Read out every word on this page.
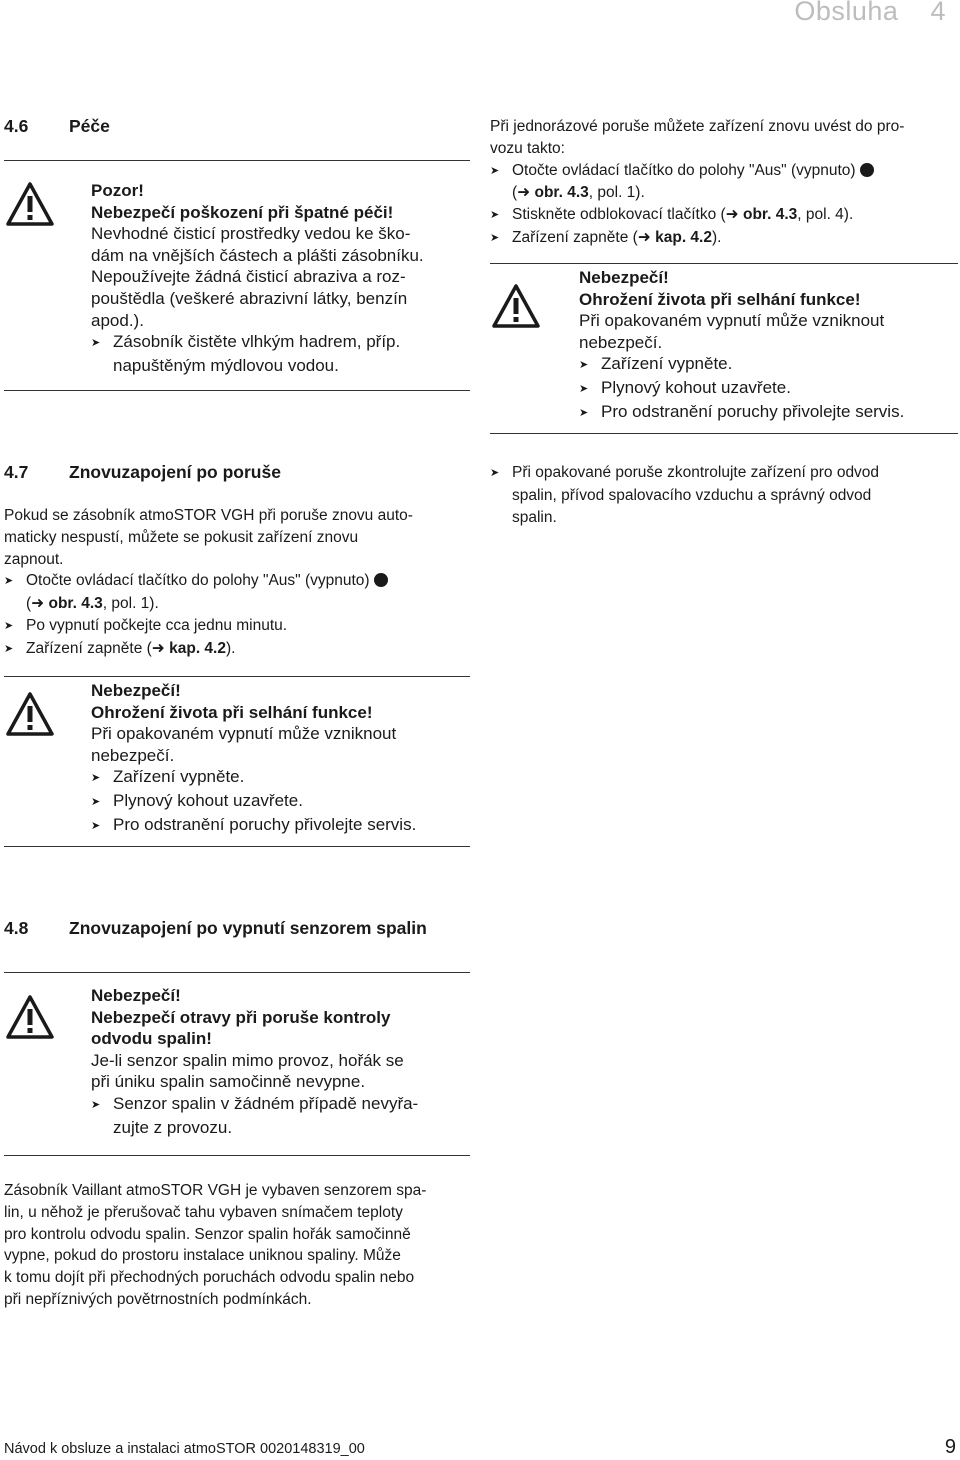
Obsluha 4
4.6 Péče
Pozor!
Nebezpečí poškození při špatné péči!
Nevhodné čisticí prostředky vedou ke ško-
dám na vnějších částech a plášti zásobníku.
Nepoužívejte žádná čisticí abraziva a roz-
pouštědla (veškeré abrazivní látky, benzín
apod.).
➤ Zásobník čistěte vlhkým hadrem, příp.
napuštěným mýdlovou vodou.
Při jednorázové poruše můžete zařízení znovu uvést do pro-
vozu takto:
➤ Otočte ovládací tlačítko do polohy "Aus" (vypnuto)
(➜ obr. 4.3, pol. 1).
➤ Stiskněte odblokovací tlačítko (➜ obr. 4.3, pol. 4).
➤ Zařízení zapněte (➜ kap. 4.2).
Nebezpečí!
Ohrožení života při selhání funkce!
Při opakovaném vypnutí může vzniknout
nebezpečí.
➤ Zařízení vypněte.
➤ Plynový kohout uzavřete.
➤ Pro odstranění poruchy přivolejte servis.
4.7 Znovuzapojení po poruše
Pokud se zásobník atmoSTOR VGH při poruše znovu auto-
maticky nespustí, můžete se pokusit zařízení znovu
zapnout.
➤ Otočte ovládací tlačítko do polohy "Aus" (vypnuto)
(➜ obr. 4.3, pol. 1).
➤ Po vypnutí počkejte cca jednu minutu.
➤ Zařízení zapněte (➜ kap. 4.2).
➤ Při opakované poruše zkontrolujte zařízení pro odvod
spalin, přívod spalovacího vzduchu a správný odvod
spalin.
Nebezpečí!
Ohrožení života při selhání funkce!
Při opakovaném vypnutí může vzniknout
nebezpečí.
➤ Zařízení vypněte.
➤ Plynový kohout uzavřete.
➤ Pro odstranění poruchy přivolejte servis.
4.8 Znovuzapojení po vypnutí senzorem spalin
Nebezpečí!
Nebezpečí otravy při poruše kontroly
odvodu spalin!
Je-li senzor spalin mimo provoz, hořák se
při úniku spalin samočinně nevypne.
➤ Senzor spalin v žádném případě nevyřa-
zujte z provozu.
Zásobník Vaillant atmoSTOR VGH je vybaven senzorem spa-
lin, u něhož je přerušovač tahu vybaven snímačem teploty
pro kontrolu odvodu spalin. Senzor spalin hořák samočinně
vypne, pokud do prostoru instalace uniknou spaliny. Může
k tomu dojít při přechodných poruchách odvodu spalin nebo
při nepříznivých povětrnostních podmínkách.
Návod k obsluze a instalaci atmoSTOR 0020148319_00	9
